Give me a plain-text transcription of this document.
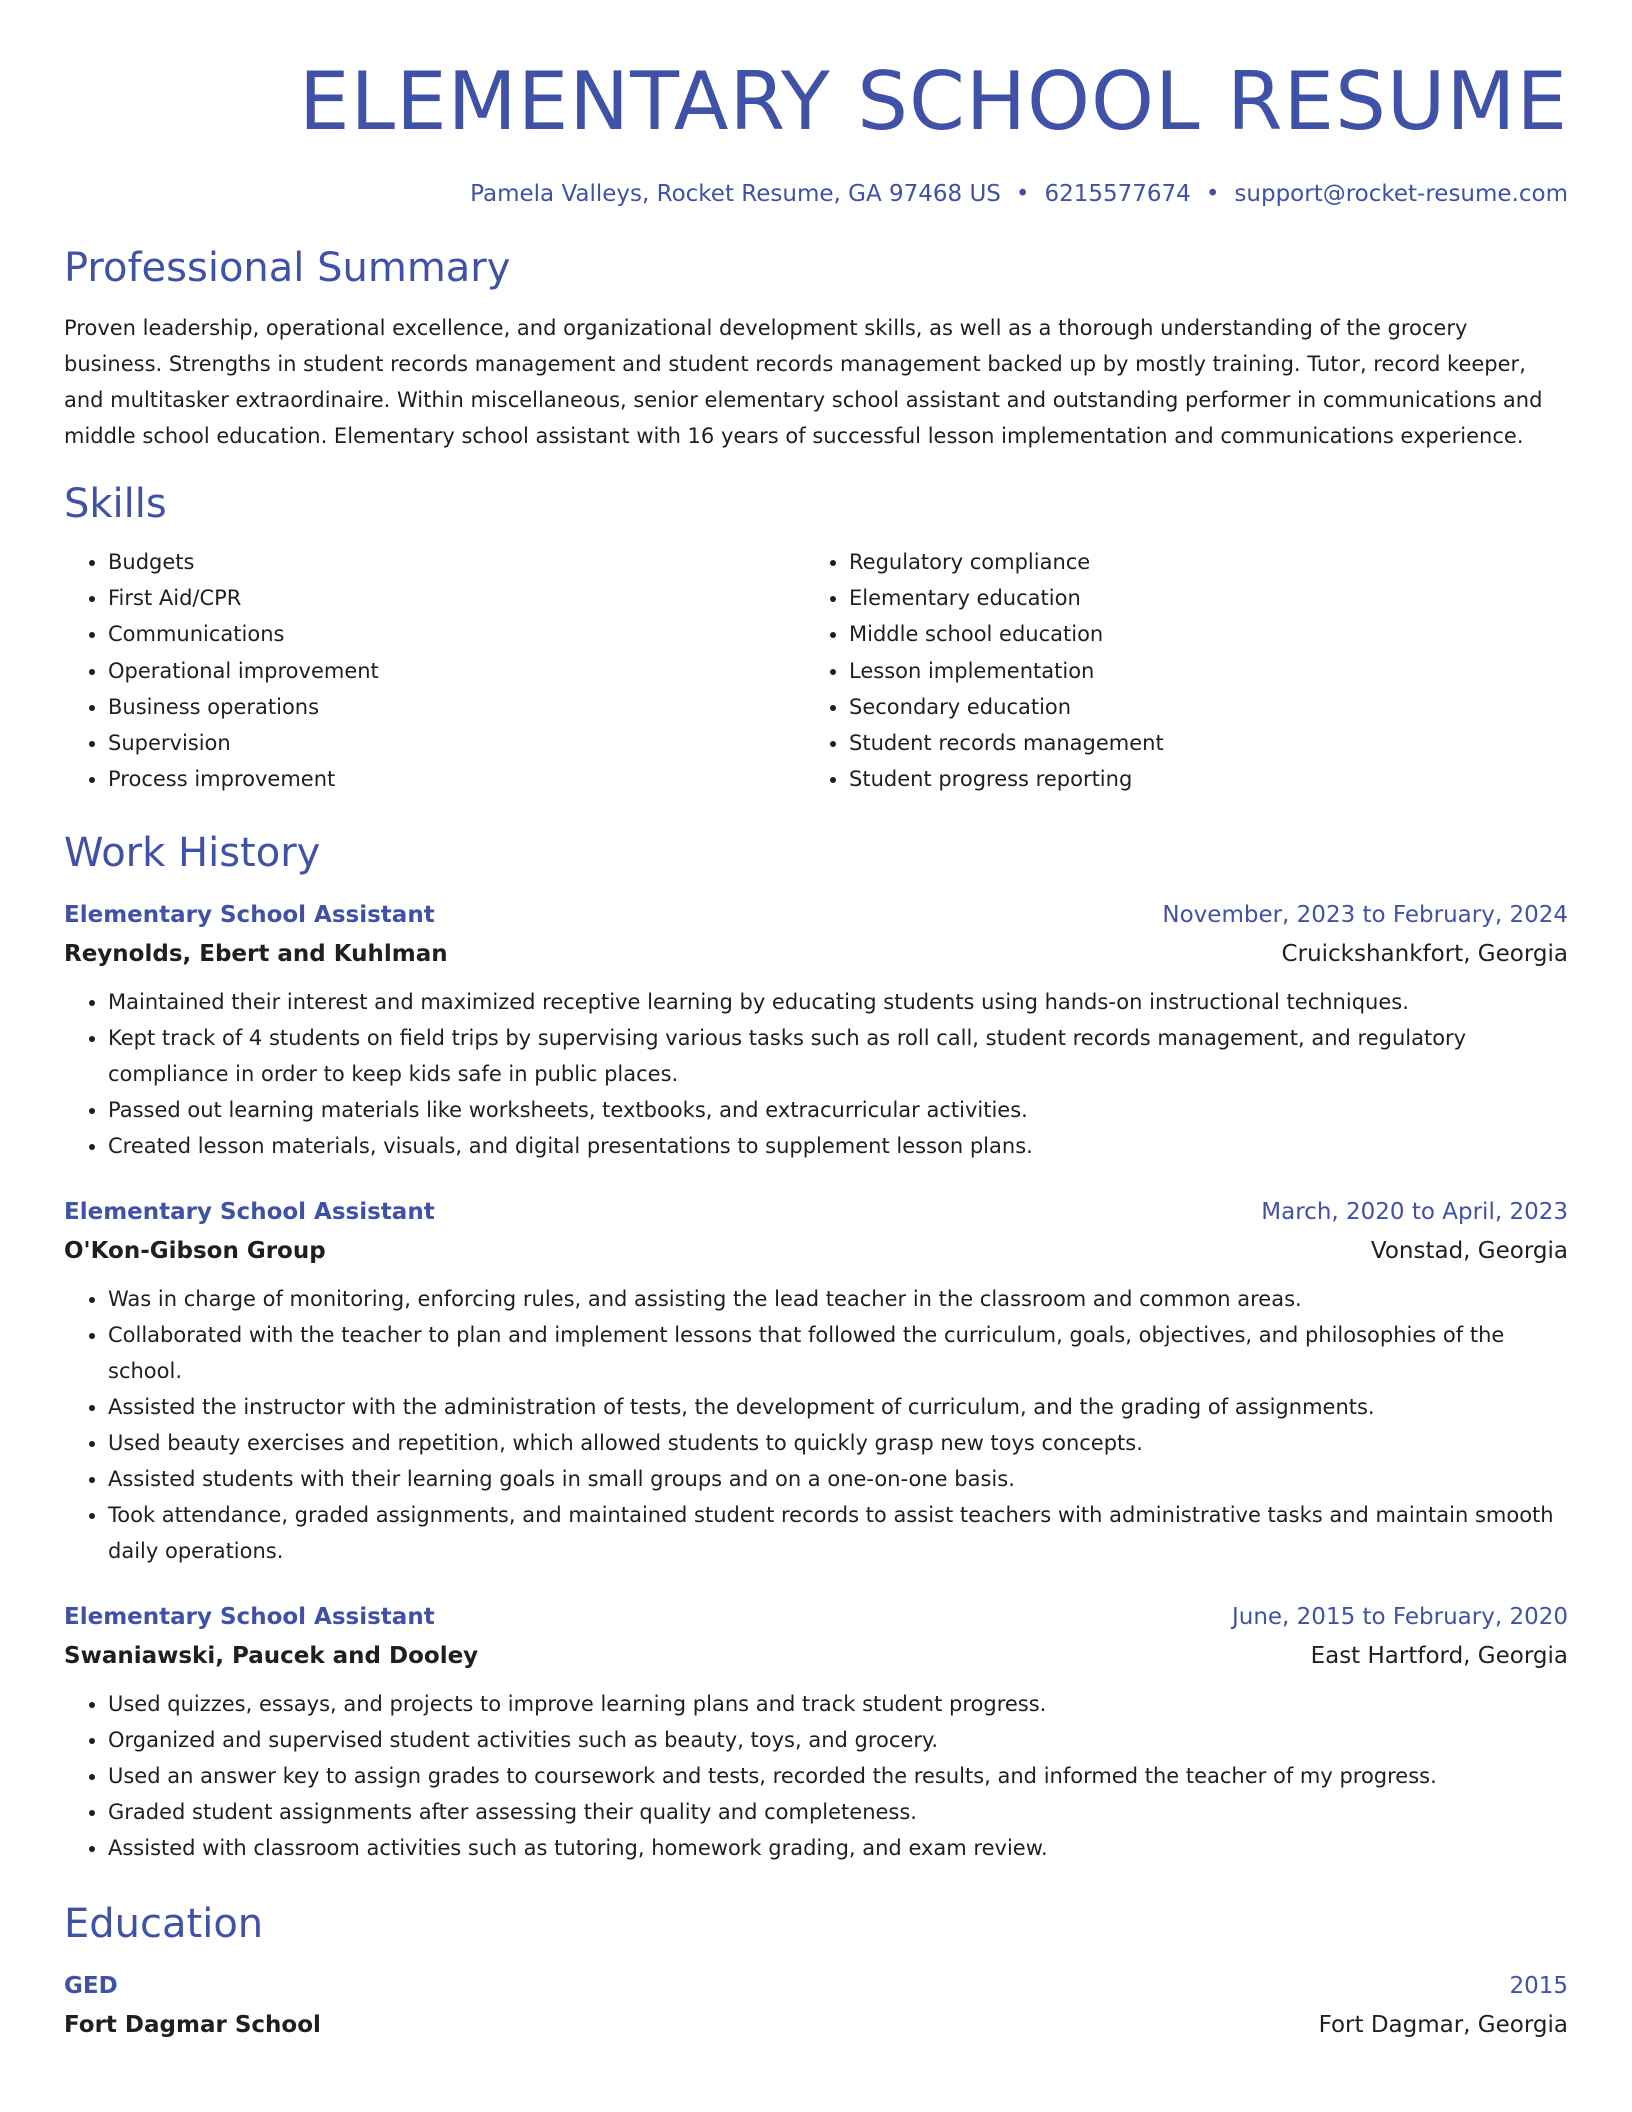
ELEMENTARY SCHOOL RESUME
Pamela Valleys, Rocket Resume, GA 97468 US • 6215577674 • support@rocket-resume.com
Professional Summary
Proven leadership, operational excellence, and organizational development skills, as well as a thorough understanding of the grocery business. Strengths in student records management and student records management backed up by mostly training. Tutor, record keeper, and multitasker extraordinaire. Within miscellaneous, senior elementary school assistant and outstanding performer in communications and middle school education. Elementary school assistant with 16 years of successful lesson implementation and communications experience.
Skills
• Budgets
• First Aid/CPR
• Communications
• Operational improvement
• Business operations
• Supervision
• Process improvement
• Regulatory compliance
• Elementary education
• Middle school education
• Lesson implementation
• Secondary education
• Student records management
• Student progress reporting
Work History
Elementary School Assistant	November, 2023 to February, 2024
Reynolds, Ebert and Kuhlman	Cruickshankfort, Georgia
• Maintained their interest and maximized receptive learning by educating students using hands-on instructional techniques.
• Kept track of 4 students on field trips by supervising various tasks such as roll call, student records management, and regulatory compliance in order to keep kids safe in public places.
• Passed out learning materials like worksheets, textbooks, and extracurricular activities.
• Created lesson materials, visuals, and digital presentations to supplement lesson plans.
Elementary School Assistant	March, 2020 to April, 2023
O'Kon-Gibson Group	Vonstad, Georgia
• Was in charge of monitoring, enforcing rules, and assisting the lead teacher in the classroom and common areas.
• Collaborated with the teacher to plan and implement lessons that followed the curriculum, goals, objectives, and philosophies of the school.
• Assisted the instructor with the administration of tests, the development of curriculum, and the grading of assignments.
• Used beauty exercises and repetition, which allowed students to quickly grasp new toys concepts.
• Assisted students with their learning goals in small groups and on a one-on-one basis.
• Took attendance, graded assignments, and maintained student records to assist teachers with administrative tasks and maintain smooth daily operations.
Elementary School Assistant	June, 2015 to February, 2020
Swaniawski, Paucek and Dooley	East Hartford, Georgia
• Used quizzes, essays, and projects to improve learning plans and track student progress.
• Organized and supervised student activities such as beauty, toys, and grocery.
• Used an answer key to assign grades to coursework and tests, recorded the results, and informed the teacher of my progress.
• Graded student assignments after assessing their quality and completeness.
• Assisted with classroom activities such as tutoring, homework grading, and exam review.
Education
GED	2015
Fort Dagmar School	Fort Dagmar, Georgia
